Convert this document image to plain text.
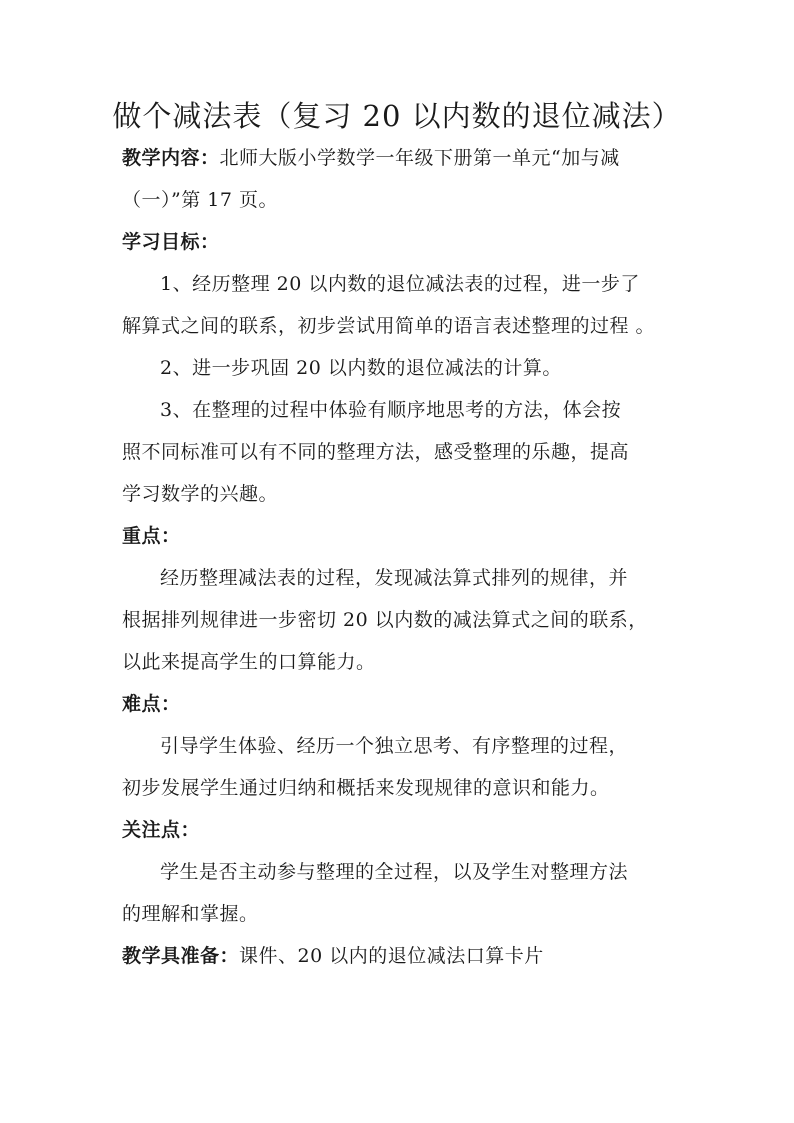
做个减法表（复习 20 以内数的退位减法）
教学内容：北师大版小学数学一年级下册第一单元“加与减
（一）”第 17 页。
学习目标：
1、经历整理 20 以内数的退位减法表的过程，进一步了
解算式之间的联系，初步尝试用简单的语言表述整理的过程 。
2、进一步巩固 20 以内数的退位减法的计算。
3、在整理的过程中体验有顺序地思考的方法，体会按
照不同标准可以有不同的整理方法，感受整理的乐趣，提高
学习数学的兴趣。
重点：
经历整理减法表的过程，发现减法算式排列的规律，并
根据排列规律进一步密切 20 以内数的减法算式之间的联系，
以此来提高学生的口算能力。
难点：
引导学生体验、经历一个独立思考、有序整理的过程，
初步发展学生通过归纳和概括来发现规律的意识和能力。
关注点：
学生是否主动参与整理的全过程，以及学生对整理方法
的理解和掌握。
教学具准备：课件、20 以内的退位减法口算卡片
